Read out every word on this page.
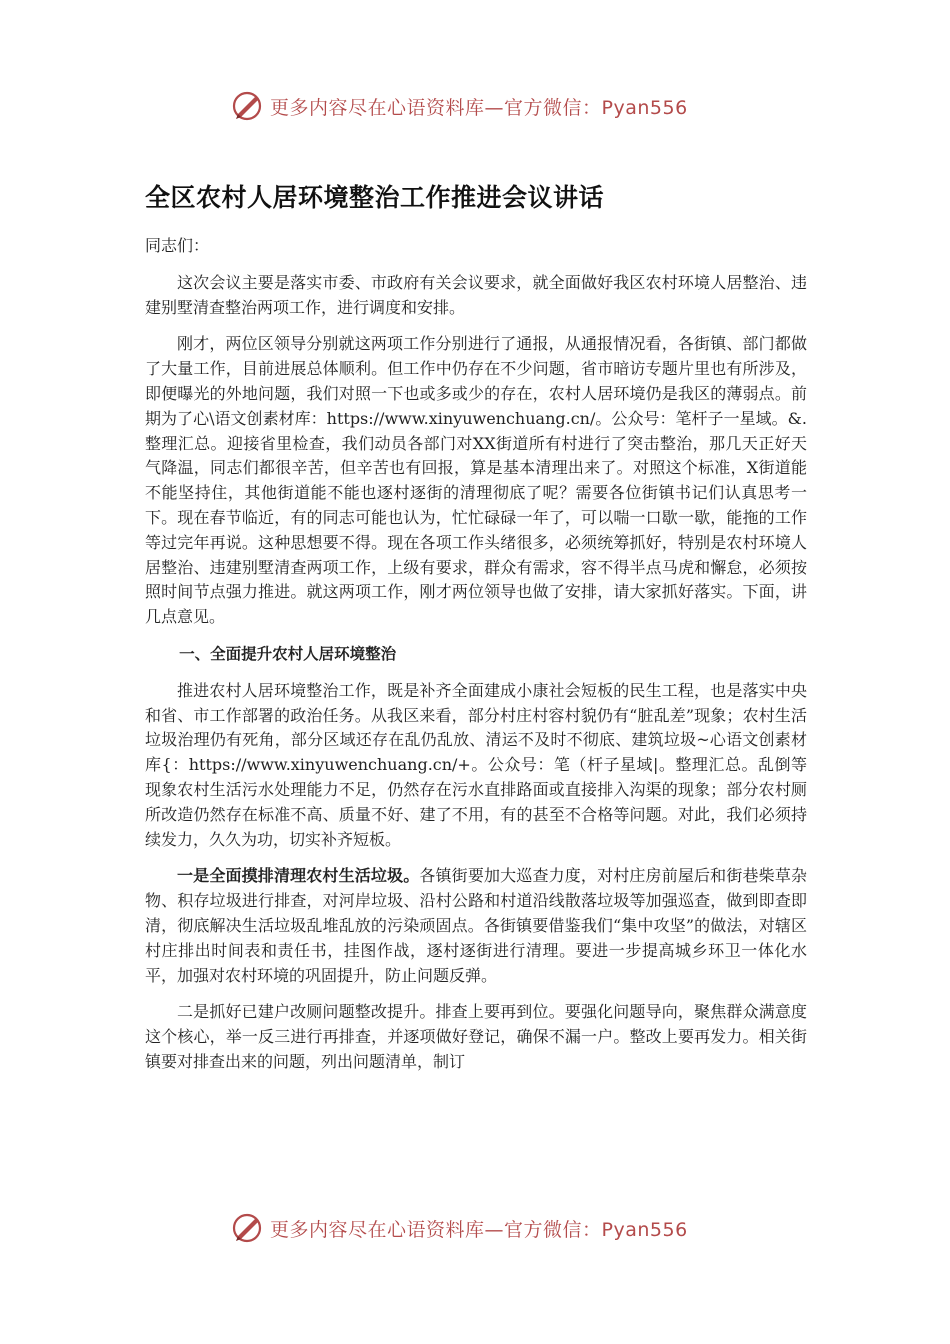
更多内容尽在心语资料库—官方微信：Pyan556
全区农村人居环境整治工作推进会议讲话
同志们：

这次会议主要是落实市委、市政府有关会议要求，就全面做好我区农村环境人居整治、违建别墅清查整治两项工作，进行调度和安排。

刚才，两位区领导分别就这两项工作分别进行了通报，从通报情况看，各街镇、部门都做了大量工作，目前进展总体顺利。但工作中仍存在不少问题，省市暗访专题片里也有所涉及，即便曝光的外地问题，我们对照一下也或多或少的存在，农村人居环境仍是我区的薄弱点。前期为了心\语文创素材库：https://www.xinyuwenchuang.cn/。公众号：笔杆子一星域。&.整理汇总。迎接省里检查，我们动员各部门对XX街道所有村进行了突击整治，那几天正好天气降温，同志们都很辛苦，但辛苦也有回报，算是基本清理出来了。对照这个标准，X街道能不能坚持住，其他街道能不能也逐村逐街的清理彻底了呢？需要各位街镇书记们认真思考一下。现在春节临近，有的同志可能也认为，忙忙碌碌一年了，可以喘一口歇一歇，能拖的工作等过完年再说。这种思想要不得。现在各项工作头绪很多，必须统筹抓好，特别是农村环境人居整治、违建别墅清查两项工作，上级有要求，群众有需求，容不得半点马虎和懈怠，必须按照时间节点强力推进。就这两项工作，刚才两位领导也做了安排，请大家抓好落实。下面，讲几点意见。

一、全面提升农村人居环境整治

推进农村人居环境整治工作，既是补齐全面建成小康社会短板的民生工程，也是落实中央和省、市工作部署的政治任务。从我区来看，部分村庄村容村貌仍有“脏乱差”现象；农村生活垃圾治理仍有死角，部分区域还存在乱仍乱放、清运不及时不彻底、建筑垃圾~心语文创素材库{：https://www.xinyuwenchuang.cn/+。公众号：笔（杆子星域|。整理汇总。乱倒等现象农村生活污水处理能力不足，仍然存在污水直排路面或直接排入沟渠的现象；部分农村厕所改造仍然存在标准不高、质量不好、建了不用，有的甚至不合格等问题。对此，我们必须持续发力，久久为功，切实补齐短板。

一是全面摸排清理农村生活垃圾。各镇街要加大巡查力度，对村庄房前屋后和街巷柴草杂物、积存垃圾进行排查，对河岸垃圾、沿村公路和村道沿线散落垃圾等加强巡查，做到即查即清，彻底解决生活垃圾乱堆乱放的污染顽固点。各街镇要借鉴我们“集中攻坚”的做法，对辖区村庄排出时间表和责任书，挂图作战，逐村逐街进行清理。要进一步提高城乡环卫一体化水平，加强对农村环境的巩固提升，防止问题反弹。

二是抓好已建户改厕问题整改提升。排查上要再到位。要强化问题导向，聚焦群众满意度这个核心，举一反三进行再排查，并逐项做好登记，确保不漏一户。整改上要再发力。相关街镇要对排查出来的问题，列出问题清单，制订

更多内容尽在心语资料库—官方微信：Pyan556
